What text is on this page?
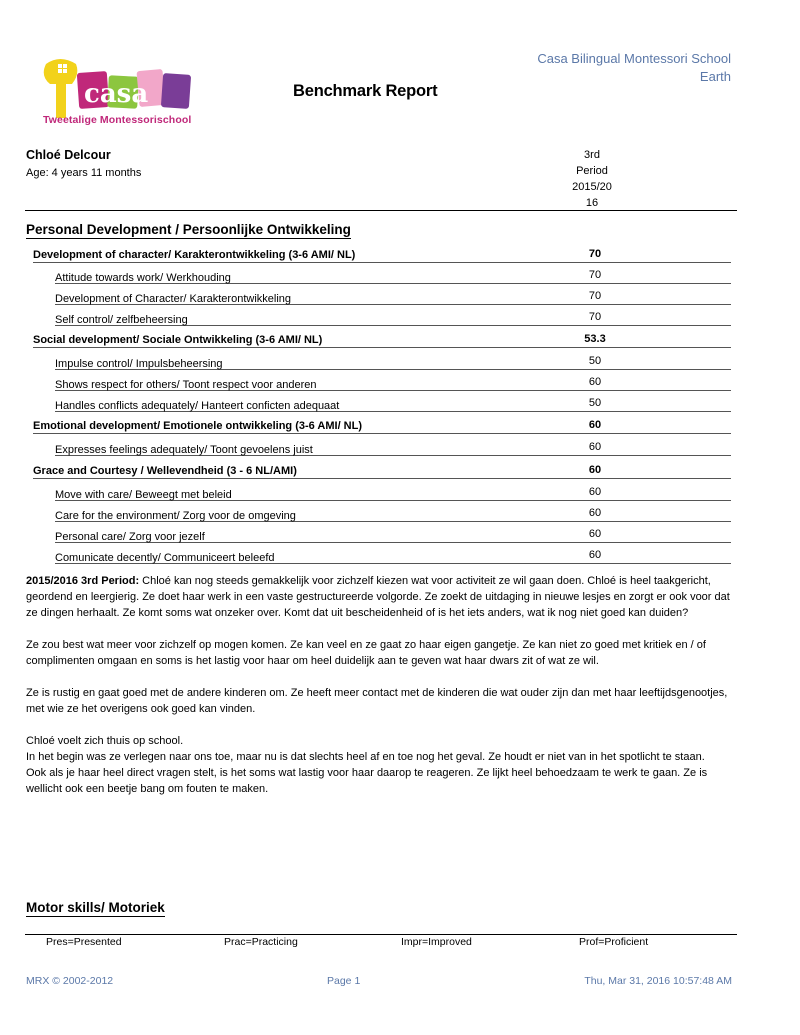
casa
Tweetalige Montessorischool
Casa Bilingual Montessori School
Earth
Benchmark Report
Chloé Delcour
Age: 4 years 11 months
3rd
Period
2015/20
16
Personal Development / Persoonlijke Ontwikkeling
Development of character/ Karakterontwikkeling (3-6 AMI/ NL)	70
Attitude towards work/ Werkhouding	70
Development of Character/ Karakterontwikkeling	70
Self control/ zelfbeheersing	70
Social development/ Sociale Ontwikkeling (3-6 AMI/ NL)	53.3
Impulse control/ Impulsbeheersing	50
Shows respect for others/ Toont respect voor anderen	60
Handles conflicts adequately/ Hanteert conficten adequaat	50
Emotional development/ Emotionele ontwikkeling (3-6 AMI/ NL)	60
Expresses feelings adequately/ Toont gevoelens juist	60
Grace and Courtesy / Wellevendheid (3 - 6 NL/AMI)	60
Move with care/ Beweegt met beleid	60
Care for the environment/ Zorg voor de omgeving	60
Personal care/ Zorg voor jezelf	60
Comunicate decently/ Communiceert beleefd	60

2015/2016 3rd Period: Chloé kan nog steeds gemakkelijk voor zichzelf kiezen wat voor activiteit ze wil gaan doen. Chloé is heel taakgericht, geordend en leergierig. Ze doet haar werk in een vaste gestructureerde volgorde. Ze zoekt de uitdaging in nieuwe lesjes en zorgt er ook voor dat ze dingen herhaalt. Ze komt soms wat onzeker over. Komt dat uit bescheidenheid of is het iets anders, wat ik nog niet goed kan duiden?

Ze zou best wat meer voor zichzelf op mogen komen. Ze kan veel en ze gaat zo haar eigen gangetje. Ze kan niet zo goed met kritiek en / of complimenten omgaan en soms is het lastig voor haar om heel duidelijk aan te geven wat haar dwars zit of wat ze wil.

Ze is rustig en gaat goed met de andere kinderen om. Ze heeft meer contact met de kinderen die wat ouder zijn dan met haar leeftijdsgenootjes, met wie ze het overigens ook goed kan vinden.

Chloé voelt zich thuis op school.
In het begin was ze verlegen naar ons toe, maar nu is dat slechts heel af en toe nog het geval. Ze houdt er niet van in het spotlicht te staan.
Ook als je haar heel direct vragen stelt, is het soms wat lastig voor haar daarop te reageren. Ze lijkt heel behoedzaam te werk te gaan. Ze is wellicht ook een beetje bang om fouten te maken.

Motor skills/ Motoriek
Pres=Presented	Prac=Practicing	Impr=Improved	Prof=Proficient
MRX © 2002-2012	Page 1	Thu, Mar 31, 2016 10:57:48 AM
